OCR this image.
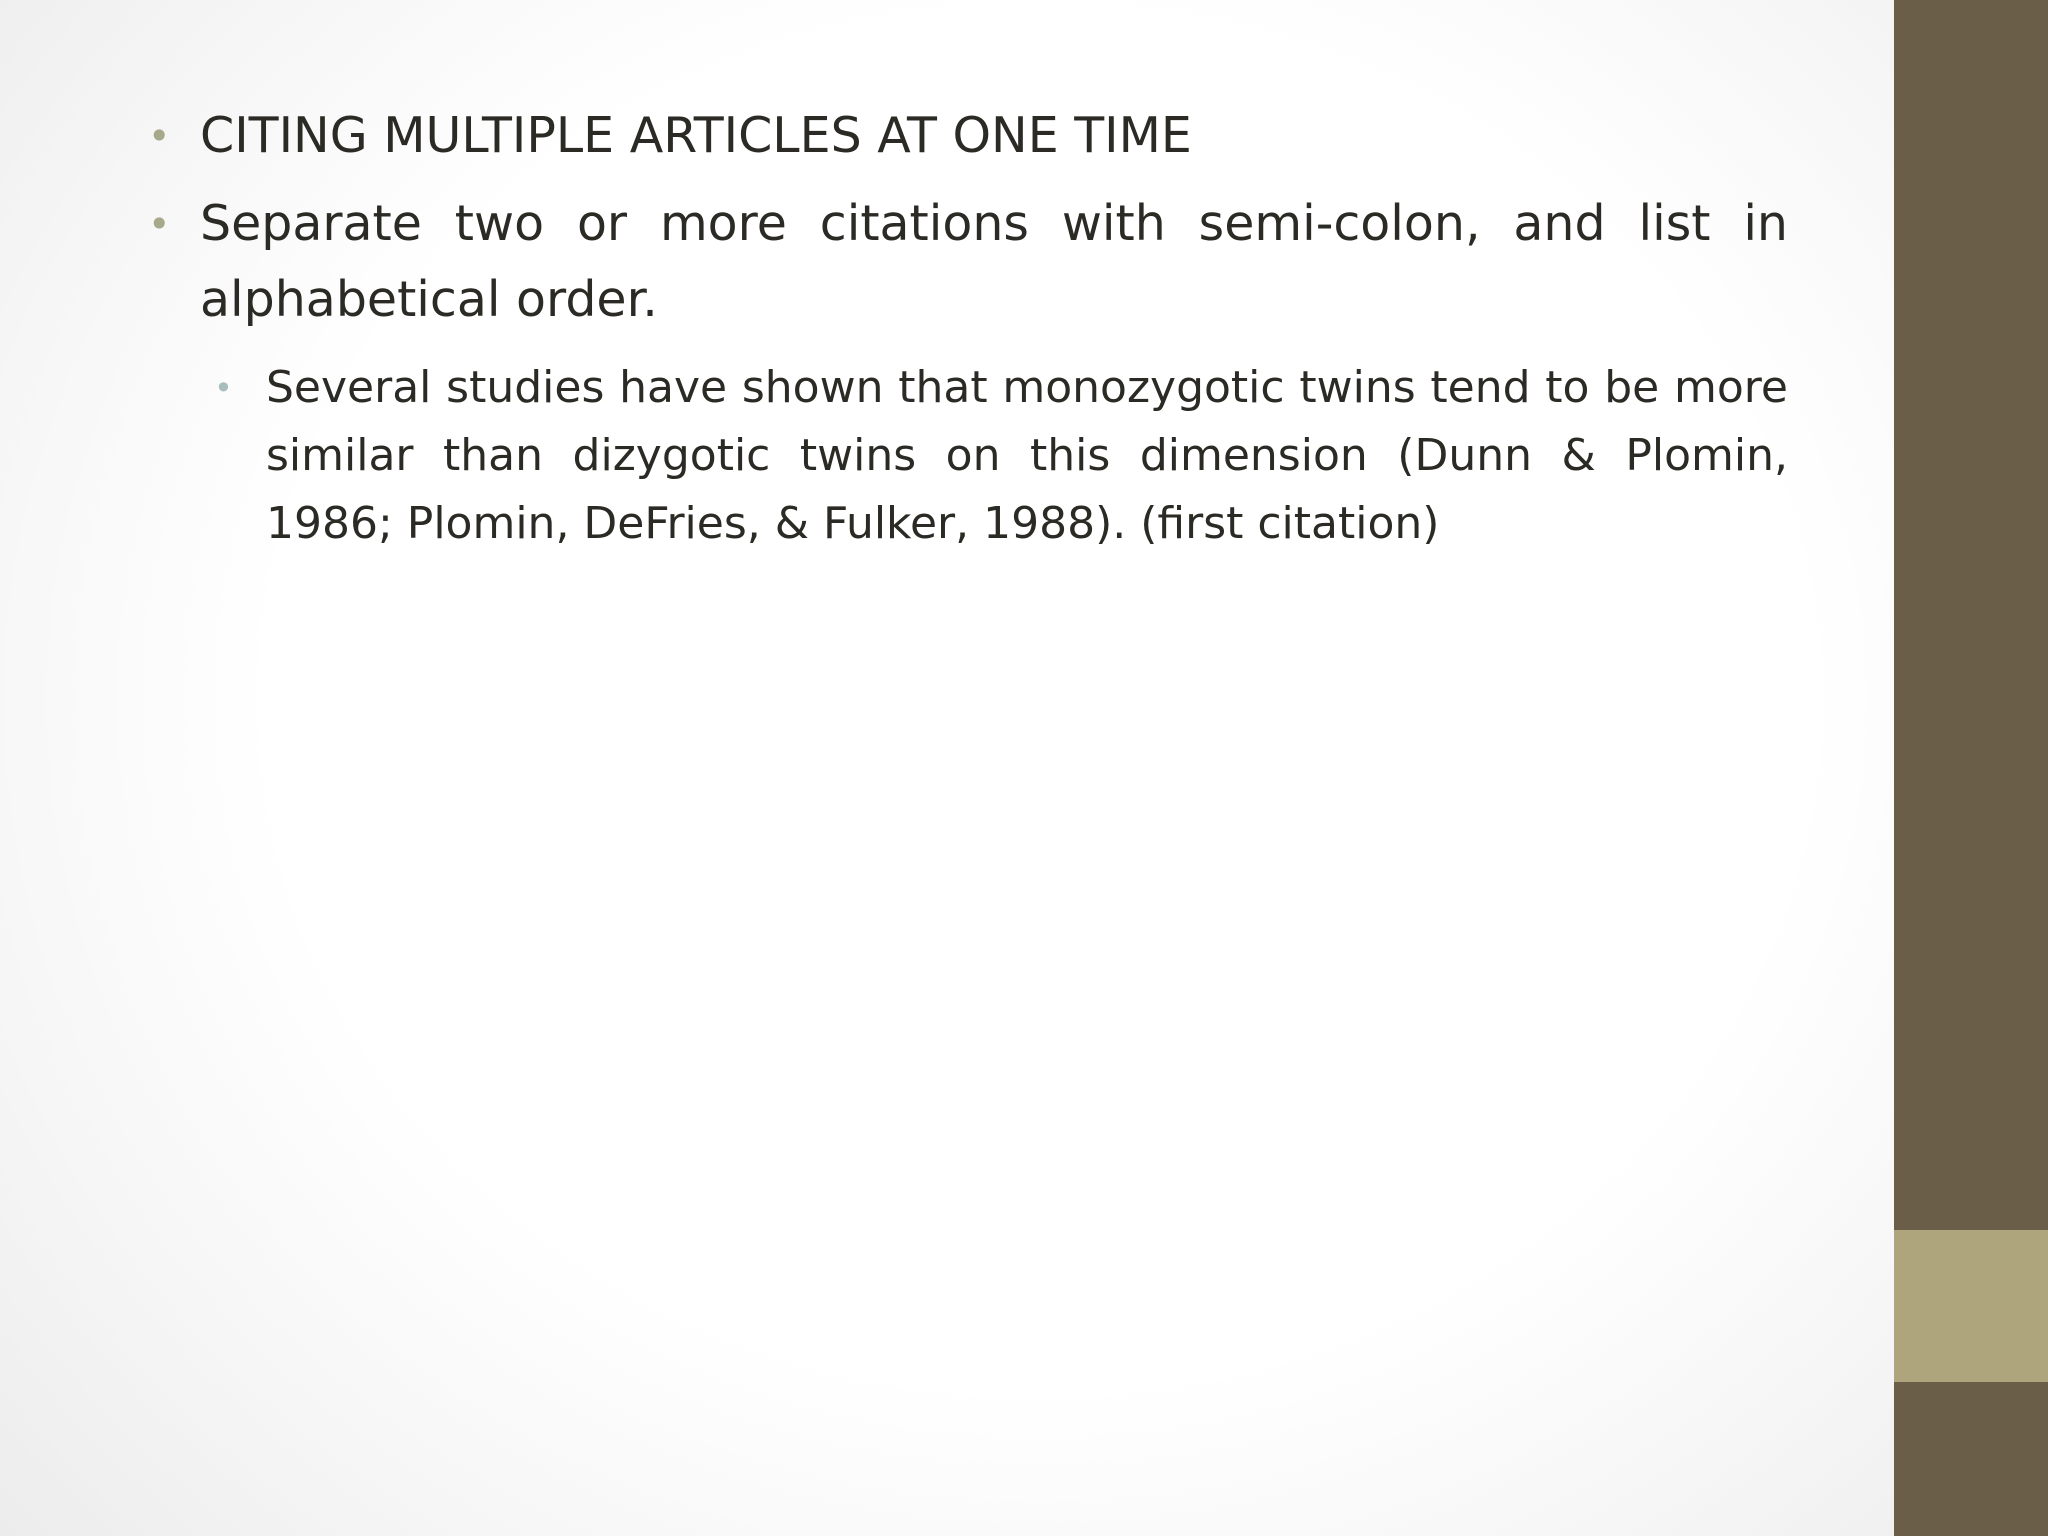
• CITING MULTIPLE ARTICLES AT ONE TIME

• Separate two or more citations with semi-colon, and list in alphabetical order.

• Several studies have shown that monozygotic twins tend to be more similar than dizygotic twins on this dimension (Dunn & Plomin, 1986; Plomin, DeFries, & Fulker, 1988). (first citation)
